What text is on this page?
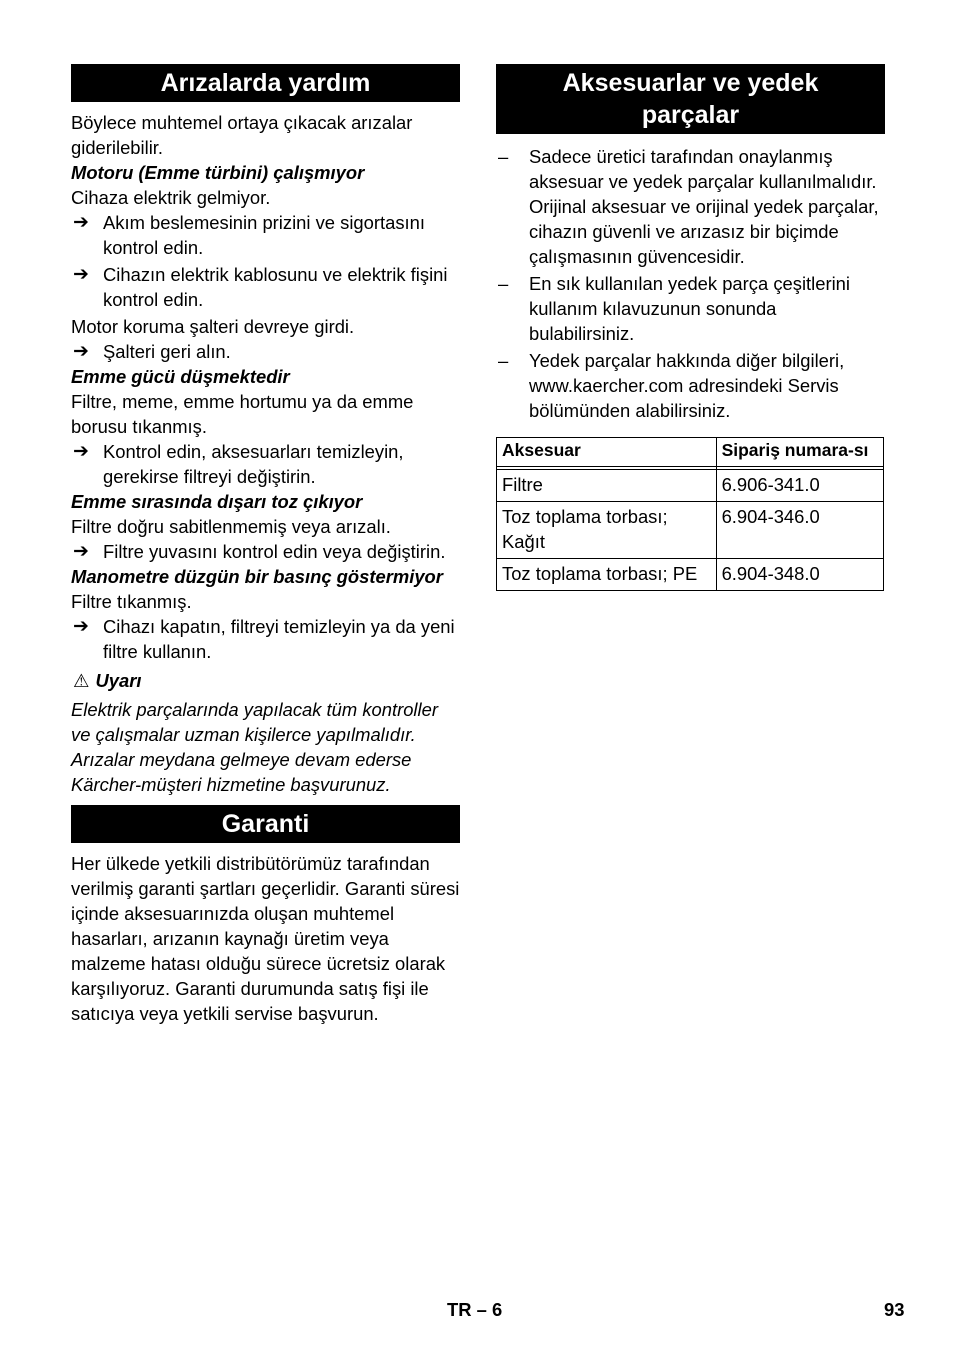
Arızalarda yardım

Böylece muhtemel ortaya çıkacak arızalar giderilebilir.

Motoru (Emme türbini) çalışmıyor

Cihaza elektrik gelmiyor.

➔ Akım beslemesinin prizini ve sigortasını kontrol edin.
➔ Cihazın elektrik kablosunu ve elektrik fişini kontrol edin.

Motor koruma şalteri devreye girdi.

➔ Şalteri geri alın.

Emme gücü düşmektedir

Filtre, meme, emme hortumu ya da emme borusu tıkanmış.

➔ Kontrol edin, aksesuarları temizleyin, gerekirse filtreyi değiştirin.

Emme sırasında dışarı toz çıkıyor

Filtre doğru sabitlenmemiş veya arızalı.

➔ Filtre yuvasını kontrol edin veya değiştirin.

Manometre düzgün bir basınç göstermiyor

Filtre tıkanmış.

➔ Cihazı kapatın, filtreyi temizleyin ya da yeni filtre kullanın.
⚠ Uyarı

Elektrik parçalarında yapılacak tüm kontroller ve çalışmalar uzman kişilerce yapılmalıdır. Arızalar meydana gelmeye devam ederse Kärcher-müşteri hizmetine başvurunuz.

Garanti

Her ülkede yetkili distribütörümüz tarafından verilmiş garanti şartları geçerlidir. Garanti süresi içinde aksesuarınızda oluşan muhtemel hasarları, arızanın kaynağı üretim veya malzeme hatası olduğu sürece ücretsiz olarak karşılıyoruz. Garanti durumunda satış fişi ile satıcıya veya yetkili servise başvurun.

Aksesuarlar ve yedek
parçalar
– Sadece üretici tarafından onaylanmış aksesuar ve yedek parçalar kullanılmalıdır. Orijinal aksesuar ve orijinal yedek parçalar, cihazın güvenli ve arızasız bir biçimde çalışmasının güvencesidir.
– En sık kullanılan yedek parça çeşitlerini kullanım kılavuzunun sonunda bulabilirsiniz.
– Yedek parçalar hakkında diğer bilgileri, www.kaercher.com adresindeki Servis bölümünden alabilirsiniz.
Aksesuar	Sipariş numara-sı

Filtre	6.906-341.0
Toz toplama torbası; Kağıt	6.904-346.0
Toz toplama torbası; PE	6.904-348.0
TR – 6	93
